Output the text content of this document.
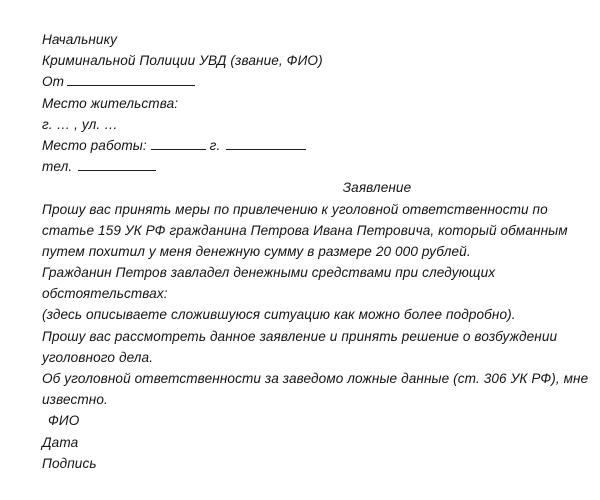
Начальнику
Криминальной Полиции УВД (звание, ФИО)
От
Место жительства:
г. … , ул. …
Место работы:	г.
тел.
Заявление
Прошу вас принять меры по привлечению к уголовной ответственности по
статье 159 УК РФ гражданина Петрова Ивана Петровича, который обманным
путем похитил у меня денежную сумму в размере 20 000 рублей.
Гражданин Петров завладел денежными средствами при следующих
обстоятельствах:
(здесь описываете сложившуюся ситуацию как можно более подробно).
Прошу вас рассмотреть данное заявление и принять решение о возбуждении
уголовного дела.
Об уголовной ответственности за заведомо ложные данные (ст. 306 УК РФ), мне
известно.
ФИО
Дата
Подпись
